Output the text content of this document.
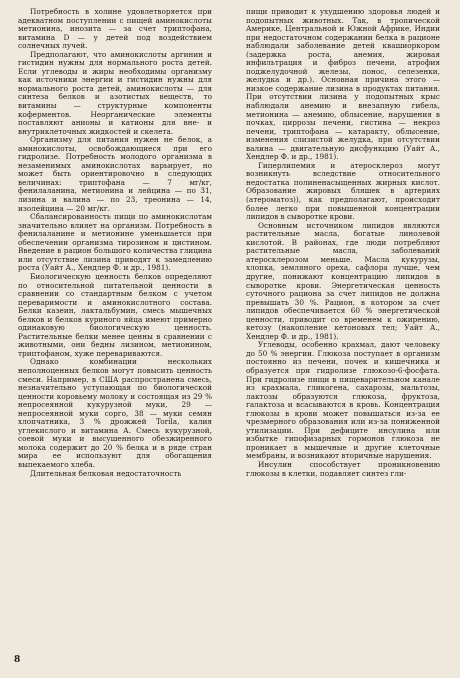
Потребность в холине удовлетворяется при адекватном поступлении с пищей аминокислоты метионина, инозита — за счет триптофана, витамина D — у детей под воздействием солнечных лучей.

Предполагают, что аминокислоты аргинин и гистидин нужны для нормального роста детей. Если углеводы и жиры необходимы организму как источники энергии и гистидин нужны для нормального роста детей, аминокислоты — для синтеза белков и азотистых веществ, то витамины — структурные компоненты коферментов. Неорганические элементы поставляют анионы и катионы для вне- и внутриклеточных жидкостей и скелета.

Организму для питания нужен не белок, а аминокислоты, освобождающиеся при его гидролизе. Потребность молодого организма в незаменимых аминокислотах варьирует, но может быть ориентировочно в следующих величинах: триптофана — 7 мг/кг, фенилаланина, метионина и лейцина — по 31, лизина и валина — по 23, треонина — 14, изолейцина — 20 мг/кг.

Сбалансированность пищи по аминокислотам значительно влияет на организм. Потребность в фенилаланине и метионине уменьшается при обеспечении организма тирозином и цистином. Введение в рацион большого количества глицина или отсутствие лизина приводят к замедлению роста (Уайт А., Хендлер Ф. и др., 1981).

Биологическую ценность белков определяют по относительной питательной ценности в сравнении со стандартным белком с учетом переваримости и аминокислотного состава. Белки казеин, лактальбумин, смесь мышечных белков и белков куриного яйца имеют примерно одинаковую биологическую ценность. Растительные белки менее ценны в сравнении с животными, они бедны лизином, метионином, триптофаном, хуже перевариваются.

Однако комбинации нескольких неполноценных белков могут повысить ценность смеси. Например, в США распространена смесь, незначительно уступающая по биологической ценности коровьему молоку и состоящая из 29 % непросеянной кукурузной муки, 29 — непросеянной муки сорго, 38 — муки семян хлопчатника, 3 % дрожжей Torila, калия углекислого и витамина А. Смесь кукурузной, соевой муки и высушенного обезжиренного молока содержит до 20 % белка и в ряде стран мира ее используют для обогащения выпекаемого хлеба.

Длительная белковая недостаточность

пищи приводит к ухудшению здоровья людей и подопытных животных. Так, в тропической Америке, Центральной и Южной Африке, Индии при недостаточном содержании белка в рационе наблюдали заболевание детей квашиоркором (задержка роста, анемия, жировая инфильтрация и фиброз печени, атрофия поджелудочной железы, понос, селезенки, желудка и др.). Основная причина этого — низкое содержание лизина в продуктах питания. При отсутствии лизина у подопытных крыс наблюдали анемию и внезапную гибель, метионина — анемию, облысение, нарушения в почках, циррозы печени, гистина — некроз печени, триптофана — катаракту, облысение, изменения слизистой желудка, при отсутствии валина — двигательную дисфункцию (Уайт А., Хендлер Ф. и др., 1981).

Гиперлипемия и атеросклероз могут возникнуть вследствие относительного недостатка полиненасыщенных жирных кислот. Образование жировых бляшек в артериях (атероматоз)), как предполагают, происходит более легко при повышенной концентрации липидов в сыворотке крови.

Основным источником липидов являются растительные масла, богатые линолевой кислотой. В районах, где люди потребляют растительные масла, заболеваний атеросклерозом меньше. Масла кукурузы, хлопка, земляного ореха, сафлора лучше, чем другие, понижают концентрацию липидов в сыворотке крови. Энергетическая ценность суточного рациона за счет липидов не должна превышать 30 %. Рацион, в котором за счет липидов обеспечивается 60 % энергетической ценности, приводит со временем к ожирению, кетозу (накопление кетоновых тел; Уайт А., Хендлер Ф. и др., 1981).

Углеводы, особенно крахмал, дают человеку до 50 % энергии. Глюкоза поступает в организм постоянно из печени, почек и кишечника и образуется при гидролизе глюкозо-6-фосфата. При гидролизе пищи в пищеварительном канале из крахмала, гликогена, сахарозы, мальтозы, лактозы образуются глюкоза, фруктоза, галактоза и всасываются в кровь. Концентрация глюкозы в крови может повышаться из-за ее чрезмерного образования или из-за пониженной утилизации. При дефиците инсулина или избытке гипофизарных гормонов глюкоза не проникает в мышечные и другие клеточные мембраны, и возникают вторичные нарушения.

Инсулин способствует проникновению глюкозы в клетки, подавляет синтез гли-

8
